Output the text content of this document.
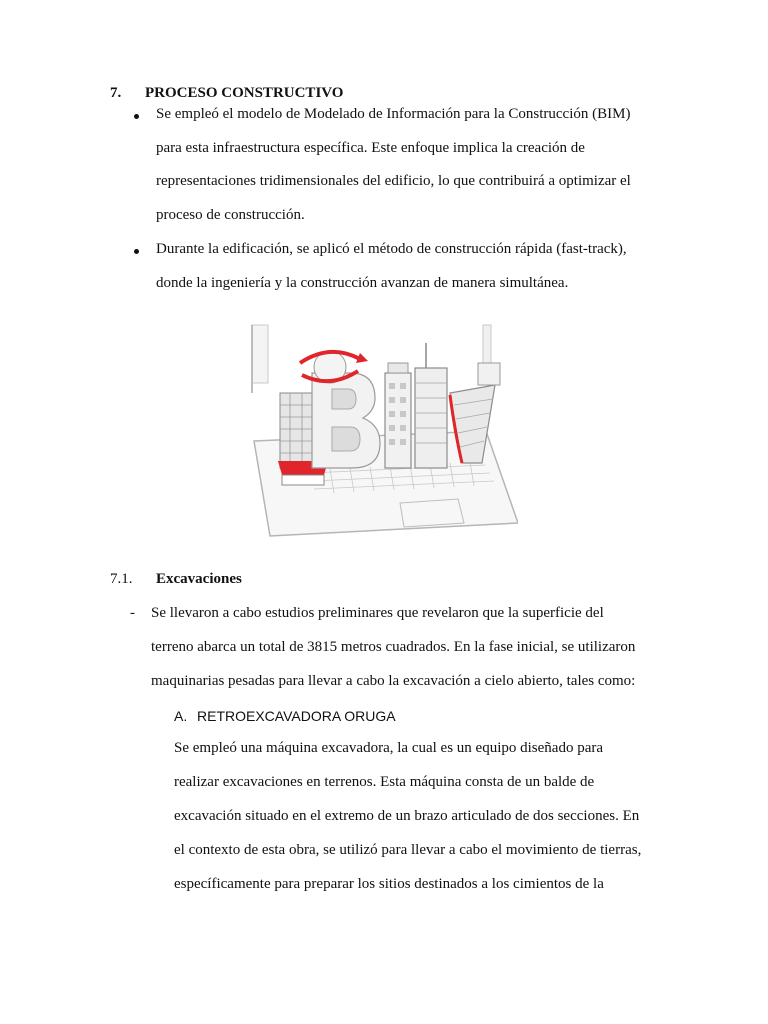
7. PROCESO CONSTRUCTIVO
Se empleó el modelo de Modelado de Información para la Construcción (BIM)
para esta infraestructura específica. Este enfoque implica la creación de
representaciones tridimensionales del edificio, lo que contribuirá a optimizar el
proceso de construcción.
Durante la edificación, se aplicó el método de construcción rápida (fast-track),
donde la ingeniería y la construcción avanzan de manera simultánea.
7.1. Excavaciones
- Se llevaron a cabo estudios preliminares que revelaron que la superficie del
terreno abarca un total de 3815 metros cuadrados. En la fase inicial, se utilizaron
maquinarias pesadas para llevar a cabo la excavación a cielo abierto, tales como:
A. RETROEXCAVADORA ORUGA
Se empleó una máquina excavadora, la cual es un equipo diseñado para
realizar excavaciones en terrenos. Esta máquina consta de un balde de
excavación situado en el extremo de un brazo articulado de dos secciones. En
el contexto de esta obra, se utilizó para llevar a cabo el movimiento de tierras,
específicamente para preparar los sitios destinados a los cimientos de la
